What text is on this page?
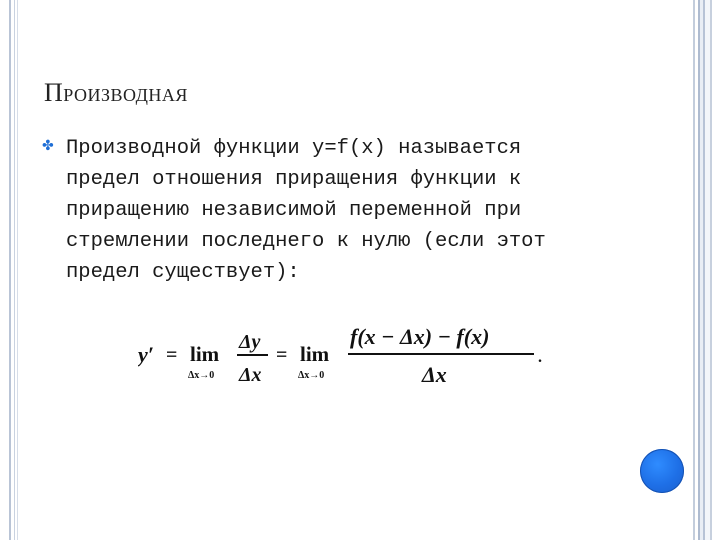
Производная
✤ Производной функции y=f(x) называется
предел отношения приращения функции к
приращению независимой переменной при
стремлении последнего к нулю (если этот
предел существует):
y′ = lim
Δx→0
Δy
Δx
= lim
Δx→0
f(x − Δx) − f(x)
Δx
.
